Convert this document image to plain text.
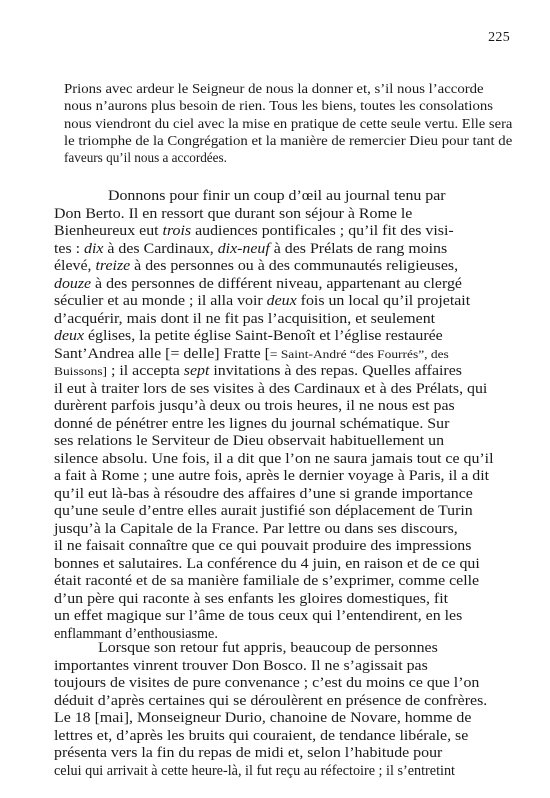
225
Prions avec ardeur le Seigneur de nous la donner et, s’il nous l’accorde
nous n’aurons plus besoin de rien. Tous les biens, toutes les consolations
nous viendront du ciel avec la mise en pratique de cette seule vertu. Elle sera
le triomphe de la Congrégation et la manière de remercier Dieu pour tant de
faveurs qu’il nous a accordées.
Donnons pour finir un coup d’œil au journal tenu par
Don Berto. Il en ressort que durant son séjour à Rome le
Bienheureux eut trois audiences pontificales ; qu’il fit des visi-
tes : dix à des Cardinaux, dix-neuf à des Prélats de rang moins
élevé, treize à des personnes ou à des communautés religieuses,
douze à des personnes de différent niveau, appartenant au clergé
séculier et au monde ; il alla voir deux fois un local qu’il projetait
d’acquérir, mais dont il ne fit pas l’acquisition, et seulement
deux églises, la petite église Saint-Benoît et l’église restaurée
Sant’Andrea alle [= delle] Fratte [= Saint-André “des Fourrés”, des
Buissons] ; il accepta sept invitations à des repas. Quelles affaires
il eut à traiter lors de ses visites à des Cardinaux et à des Prélats, qui
durèrent parfois jusqu’à deux ou trois heures, il ne nous est pas
donné de pénétrer entre les lignes du journal schématique. Sur
ses relations le Serviteur de Dieu observait habituellement un
silence absolu. Une fois, il a dit que l’on ne saura jamais tout ce qu’il
a fait à Rome ; une autre fois, après le dernier voyage à Paris, il a dit
qu’il eut là-bas à résoudre des affaires d’une si grande importance
qu’une seule d’entre elles aurait justifié son déplacement de Turin
jusqu’à la Capitale de la France. Par lettre ou dans ses discours,
il ne faisait connaître que ce qui pouvait produire des impressions
bonnes et salutaires. La conférence du 4 juin, en raison et de ce qui
était raconté et de sa manière familiale de s’exprimer, comme celle
d’un père qui raconte à ses enfants les gloires domestiques, fit
un effet magique sur l’âme de tous ceux qui l’entendirent, en les
enflammant d’enthousiasme.
Lorsque son retour fut appris, beaucoup de personnes
importantes vinrent trouver Don Bosco. Il ne s’agissait pas
toujours de visites de pure convenance ; c’est du moins ce que l’on
déduit d’après certaines qui se déroulèrent en présence de confrères.
Le 18 [mai], Monseigneur Durio, chanoine de Novare, homme de
lettres et, d’après les bruits qui couraient, de tendance libérale, se
présenta vers la fin du repas de midi et, selon l’habitude pour
celui qui arrivait à cette heure-là, il fut reçu au réfectoire ; il s’entretint
